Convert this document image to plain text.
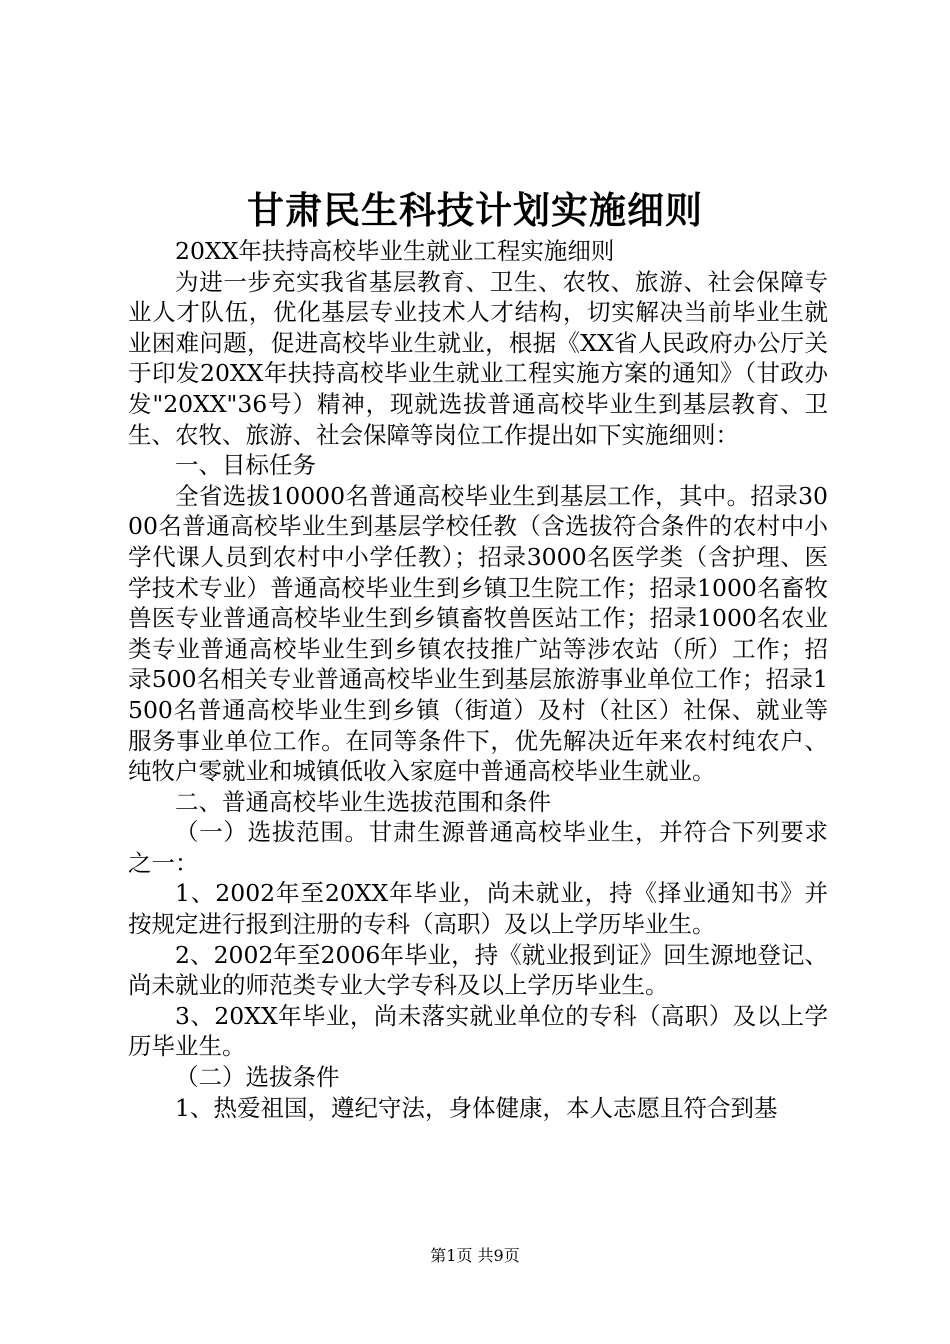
甘肃民生科技计划实施细则

20XX年扶持高校毕业生就业工程实施细则

为进一步充实我省基层教育、卫生、农牧、旅游、社会保障专业人才队伍，优化基层专业技术人才结构，切实解决当前毕业生就业困难问题，促进高校毕业生就业，根据《XX省人民政府办公厅关于印发20XX年扶持高校毕业生就业工程实施方案的通知》（甘政办发"20XX"36号）精神，现就选拔普通高校毕业生到基层教育、卫生、农牧、旅游、社会保障等岗位工作提出如下实施细则：

一、目标任务

全省选拔10000名普通高校毕业生到基层工作，其中。招录3000名普通高校毕业生到基层学校任教（含选拔符合条件的农村中小学代课人员到农村中小学任教）；招录3000名医学类（含护理、医学技术专业）普通高校毕业生到乡镇卫生院工作；招录1000名畜牧兽医专业普通高校毕业生到乡镇畜牧兽医站工作；招录1000名农业类专业普通高校毕业生到乡镇农技推广站等涉农站（所）工作；招录500名相关专业普通高校毕业生到基层旅游事业单位工作；招录1500名普通高校毕业生到乡镇（街道）及村（社区）社保、就业等服务事业单位工作。在同等条件下，优先解决近年来农村纯农户、纯牧户零就业和城镇低收入家庭中普通高校毕业生就业。

二、普通高校毕业生选拔范围和条件

（一）选拔范围。甘肃生源普通高校毕业生，并符合下列要求之一：

1、2002年至20XX年毕业，尚未就业，持《择业通知书》并按规定进行报到注册的专科（高职）及以上学历毕业生。

2、2002年至2006年毕业，持《就业报到证》回生源地登记、尚未就业的师范类专业大学专科及以上学历毕业生。

3、20XX年毕业，尚未落实就业单位的专科（高职）及以上学历毕业生。

（二）选拔条件

1、热爱祖国，遵纪守法，身体健康，本人志愿且符合到基

第1页 共9页
